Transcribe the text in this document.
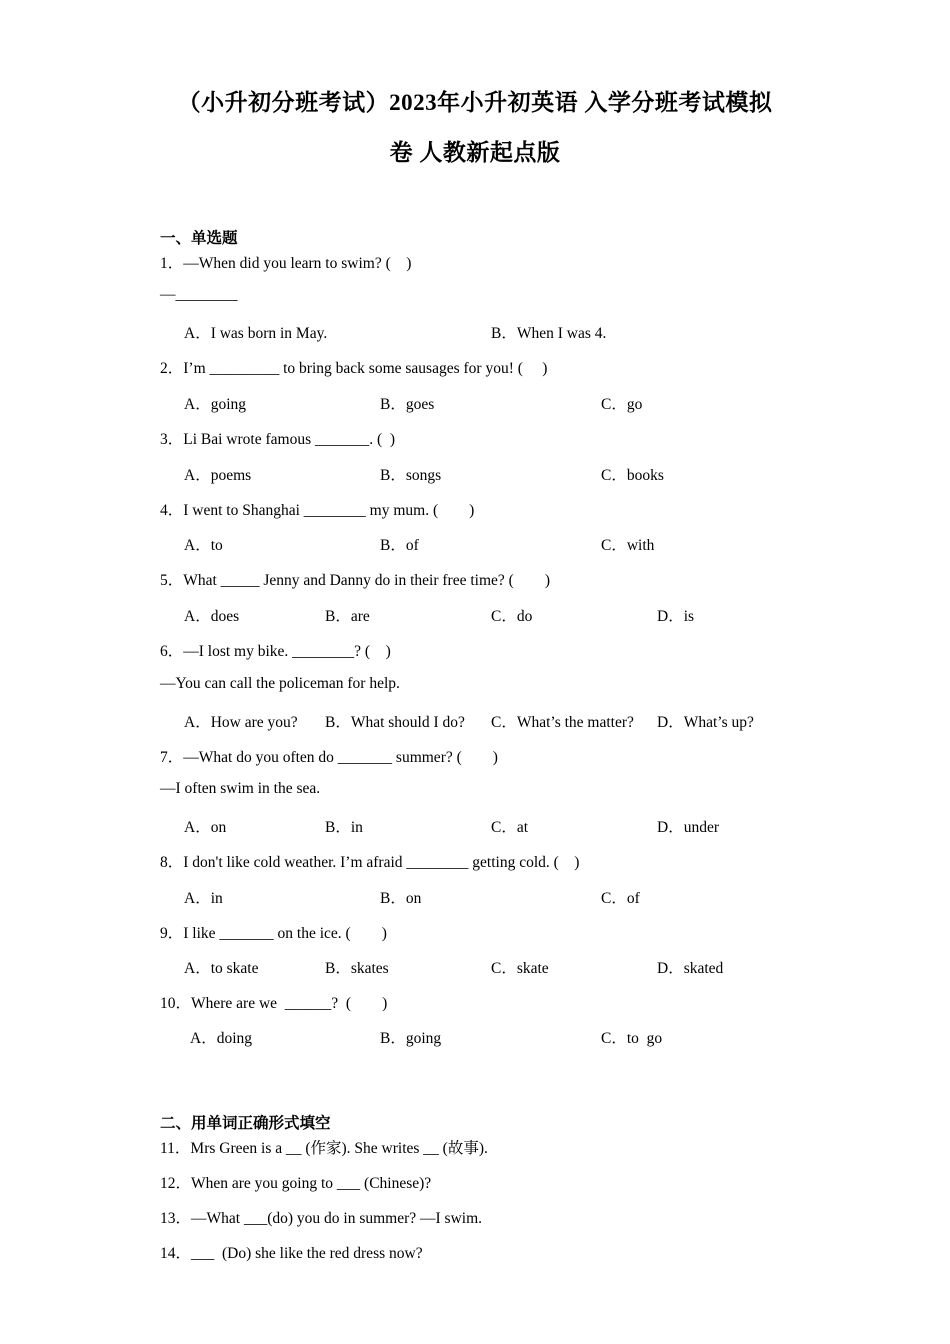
（小升初分班考试）2023年小升初英语 入学分班考试模拟
卷 人教新起点版
一、单选题
1．—When did you learn to swim? (    )
—________
A．I was born in May.	B．When I was 4.
2．I’m _________ to bring back some sausages for you! (     )
A．going	B．goes	C．go
3．Li Bai wrote famous _______. (  )
A．poems	B．songs	C．books
4．I went to Shanghai ________ my mum. (        )
A．to	B．of	C．with
5．What _____ Jenny and Danny do in their free time? (        )
A．does	B．are	C．do	D．is
6．—I lost my bike. ________? (    )
—You can call the policeman for help.
A．How are you? B．What should I do? C．What’s the matter? D．What’s up?
7．—What do you often do _______ summer? (        )
—I often swim in the sea.
A．on	B．in	C．at	D．under
8．I don't like cold weather. I’m afraid ________ getting cold. (    )
A．in	B．on	C．of
9．I like _______ on the ice. (        )
A．to skate	B．skates	C．skate	D．skated
10．Where are we  ______?  (        )
A．doing	B．going	C．to  go
二、用单词正确形式填空
11．Mrs Green is a __ (作家). She writes __ (故事).
12．When are you going to ___ (Chinese)?
13．—What ___(do) you do in summer? —I swim.
14．___  (Do) she like the red dress now?
